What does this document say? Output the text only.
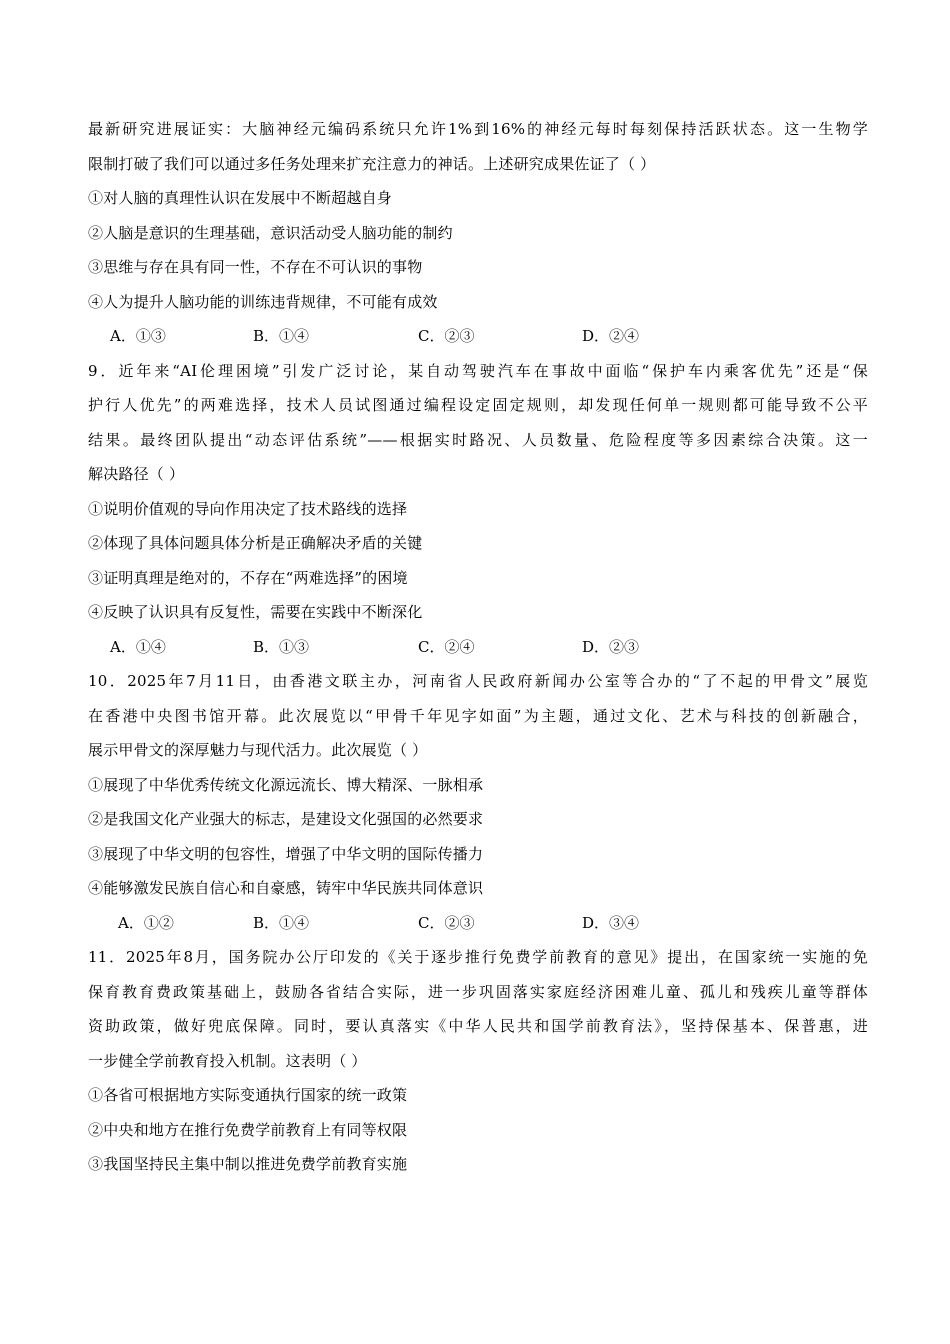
最新研究进展证实：大脑神经元编码系统只允许1%到16%的神经元每时每刻保持活跃状态。这一生物学
限制打破了我们可以通过多任务处理来扩充注意力的神话。上述研究成果佐证了（ ）
①对人脑的真理性认识在发展中不断超越自身
②人脑是意识的生理基础，意识活动受人脑功能的制约
③思维与存在具有同一性，不存在不可认识的事物
④人为提升人脑功能的训练违背规律，不可能有成效
A．①③	B．①④	C．②③	D．②④
9．近年来“AI伦理困境”引发广泛讨论，某自动驾驶汽车在事故中面临“保护车内乘客优先”还是“保
护行人优先”的两难选择，技术人员试图通过编程设定固定规则，却发现任何单一规则都可能导致不公平
结果。最终团队提出“动态评估系统”——根据实时路况、人员数量、危险程度等多因素综合决策。这一
解决路径（ ）
①说明价值观的导向作用决定了技术路线的选择
②体现了具体问题具体分析是正确解决矛盾的关键
③证明真理是绝对的，不存在“两难选择”的困境
④反映了认识具有反复性，需要在实践中不断深化
A．①④	B．①③	C．②④	D．②③
10．2025年7月11日，由香港文联主办，河南省人民政府新闻办公室等合办的“了不起的甲骨文”展览
在香港中央图书馆开幕。此次展览以“甲骨千年见字如面”为主题，通过文化、艺术与科技的创新融合，
展示甲骨文的深厚魅力与现代活力。此次展览（ ）
①展现了中华优秀传统文化源远流长、博大精深、一脉相承
②是我国文化产业强大的标志，是建设文化强国的必然要求
③展现了中华文明的包容性，增强了中华文明的国际传播力
④能够激发民族自信心和自豪感，铸牢中华民族共同体意识
A．①②	B．①④	C．②③	D．③④
11．2025年8月，国务院办公厅印发的《关于逐步推行免费学前教育的意见》提出，在国家统一实施的免
保育教育费政策基础上，鼓励各省结合实际，进一步巩固落实家庭经济困难儿童、孤儿和残疾儿童等群体
资助政策，做好兜底保障。同时，要认真落实《中华人民共和国学前教育法》，坚持保基本、保普惠，进
一步健全学前教育投入机制。这表明（ ）
①各省可根据地方实际变通执行国家的统一政策
②中央和地方在推行免费学前教育上有同等权限
③我国坚持民主集中制以推进免费学前教育实施
